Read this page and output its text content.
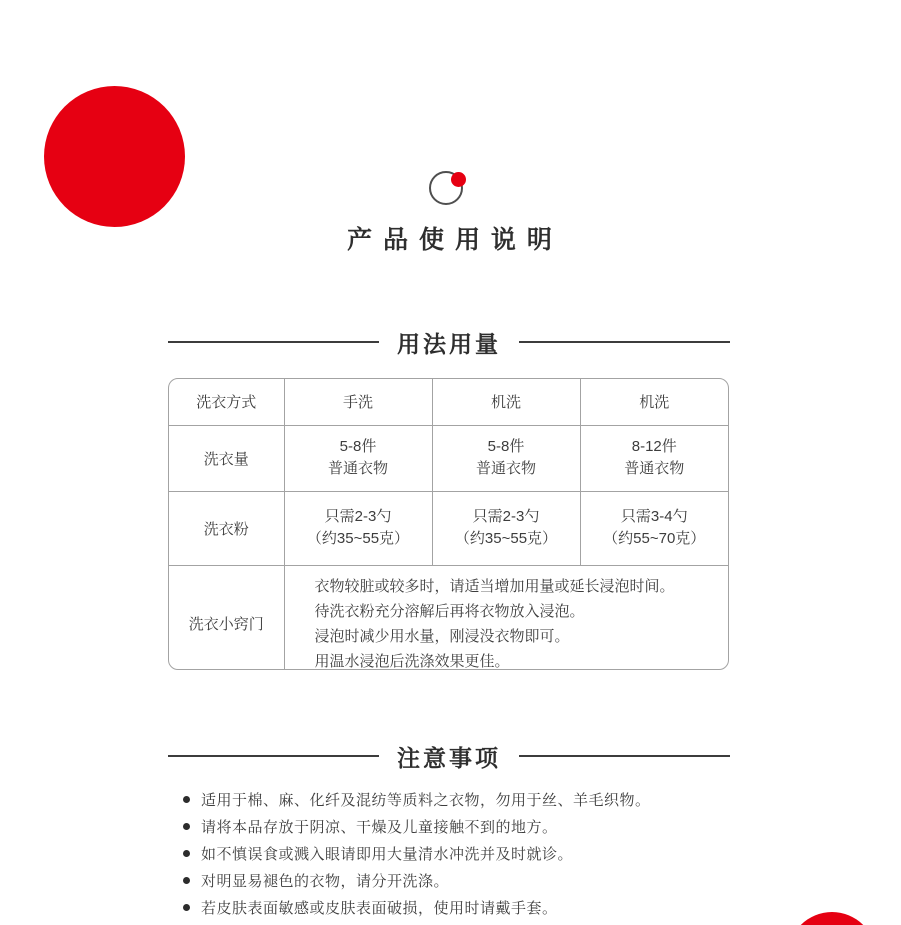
产 品 使 用 说 明
用法用量
洗衣方式	手洗	机洗	机洗
洗衣量	
5-8件
普通衣物

5-8件
普通衣物

8-12件
普通衣物

洗衣粉	
只需2-3勺
（约35~55克）

只需2-3勺
（约35~55克）

只需3-4勺
（约55~70克）

洗衣小窍门	衣物较脏或较多时，请适当增加用量或延长浸泡时间。
待洗衣粉充分溶解后再将衣物放入浸泡。
浸泡时减少用水量，刚浸没衣物即可。
用温水浸泡后洗涤效果更佳。		
注意事项
适用于棉、麻、化纤及混纺等质料之衣物，勿用于丝、羊毛织物。
请将本品存放于阴凉、干燥及儿童接触不到的地方。
如不慎误食或溅入眼请即用大量清水冲洗并及时就诊。
对明显易褪色的衣物，请分开洗涤。
若皮肤表面敏感或皮肤表面破损，使用时请戴手套。
